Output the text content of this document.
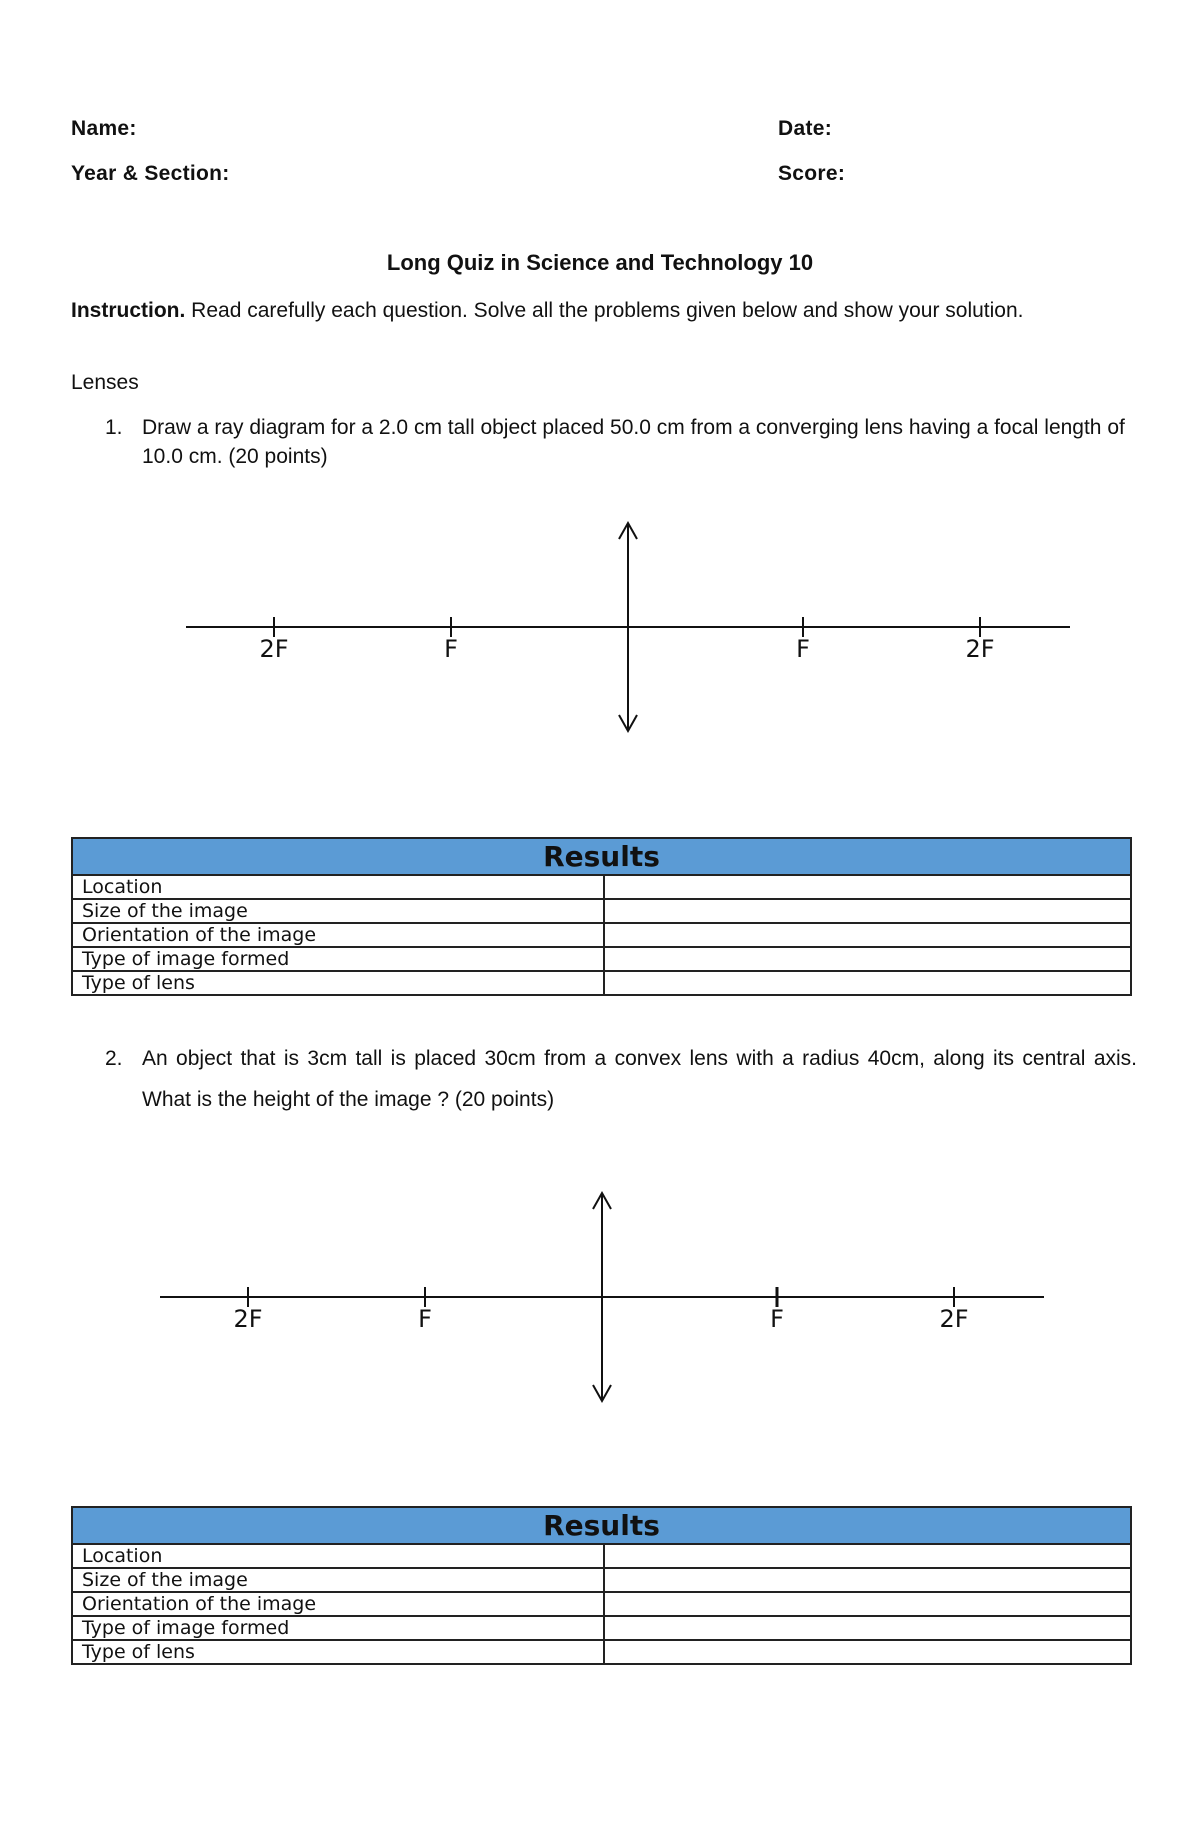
Name:	Date:
Year & Section:	Score:
Long Quiz in Science and Technology 10
Instruction. Read carefully each question. Solve all the problems given below and show your solution.
Lenses
1. Draw a ray diagram for a 2.0 cm tall object placed 50.0 cm from a converging lens having a focal length of 10.0 cm. (20 points)
2F	F	F	2F
Results	
Location	
Size of the image	
Orientation of the image	
Type of image formed	
Type of lens	
2. An object that is 3cm tall is placed 30cm from a convex lens with a radius 40cm, along its central axis. What is the height of the image ? (20 points)
2F	F	F	2F
Results	
Location	
Size of the image	
Orientation of the image	
Type of image formed	
Type of lens	
